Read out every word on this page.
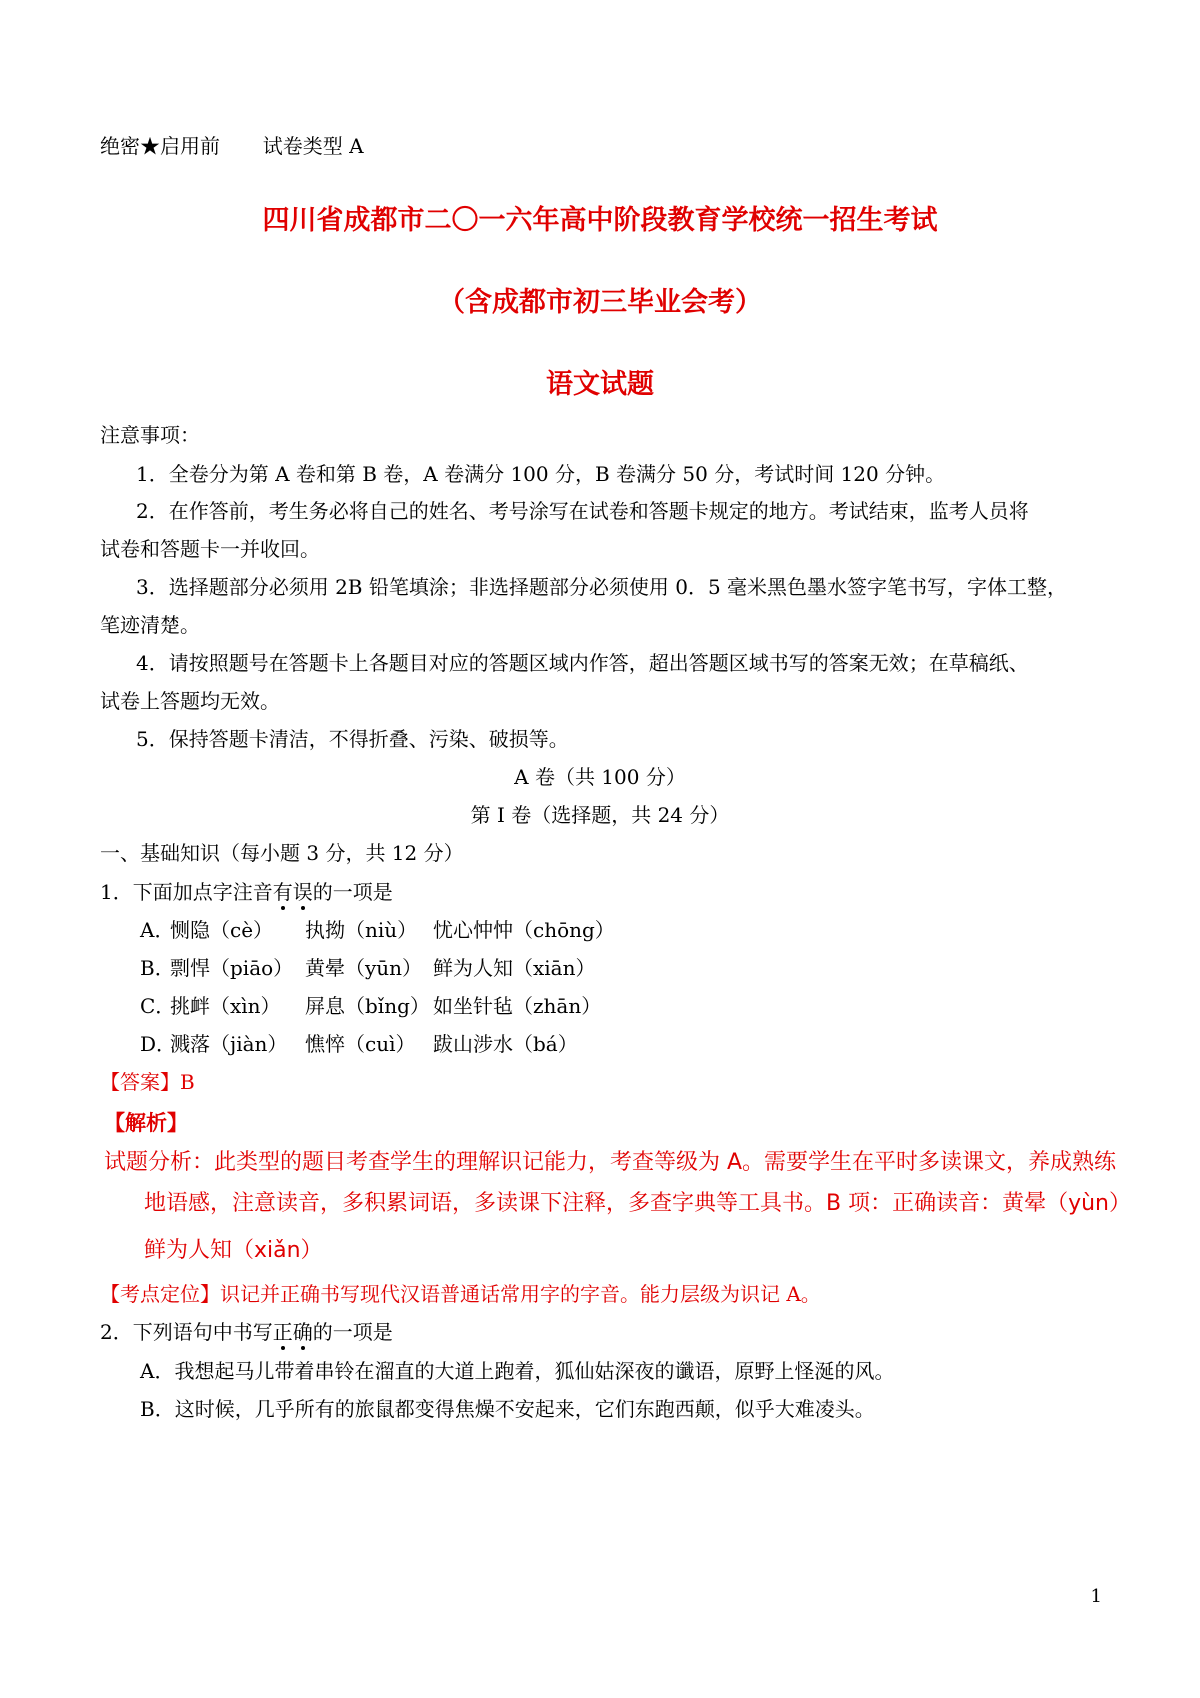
绝密★启用前 试卷类型 A
四川省成都市二〇一六年高中阶段教育学校统一招生考试
（含成都市初三毕业会考）
语文试题
注意事项：
1．全卷分为第 A 卷和第 B 卷，A 卷满分 100 分，B 卷满分 50 分，考试时间 120 分钟。
2．在作答前，考生务必将自己的姓名、考号涂写在试卷和答题卡规定的地方。考试结束，监考人员将
试卷和答题卡一并收回。
3．选择题部分必须用 2B 铅笔填涂；非选择题部分必须使用 0．5 毫米黑色墨水签字笔书写，字体工整，
笔迹清楚。
4．请按照题号在答题卡上各题目对应的答题区域内作答，超出答题区域书写的答案无效；在草稿纸、
试卷上答题均无效。
5．保持答题卡清洁，不得折叠、污染、破损等。
A 卷（共 100 分）
第 I 卷（选择题，共 24 分）
一、基础知识（每小题 3 分，共 12 分）
1．下面加点字注音有误的一项是
A．
恻隐（cè） 执拗（niù） 忧心忡忡（chōng）
B．
剽悍（piāo） 黄晕（yūn） 鲜为人知（xiān）
C．
挑衅（xìn） 屏息（bǐng） 如坐针毡（zhān）
D．
溅落（jiàn） 憔悴（cuì） 跋山涉水（bá）
【答案】B
【解析】
试题分析：此类型的题目考查学生的理解识记能力，考查等级为 A。需要学生在平时多读课文，养成熟练
地语感，注意读音，多积累词语，多读课下注释，多查字典等工具书。B 项：正确读音：黄晕（yùn）
鲜为人知（xiǎn）
【考点定位】识记并正确书写现代汉语普通话常用字的字音。能力层级为识记 A。
2．下列语句中书写正确的一项是
A．我想起马儿带着串铃在溜直的大道上跑着，狐仙姑深夜的谶语，原野上怪涎的风。
B．这时候，几乎所有的旅鼠都变得焦燥不安起来，它们东跑西颠，似乎大难凌头。
1
